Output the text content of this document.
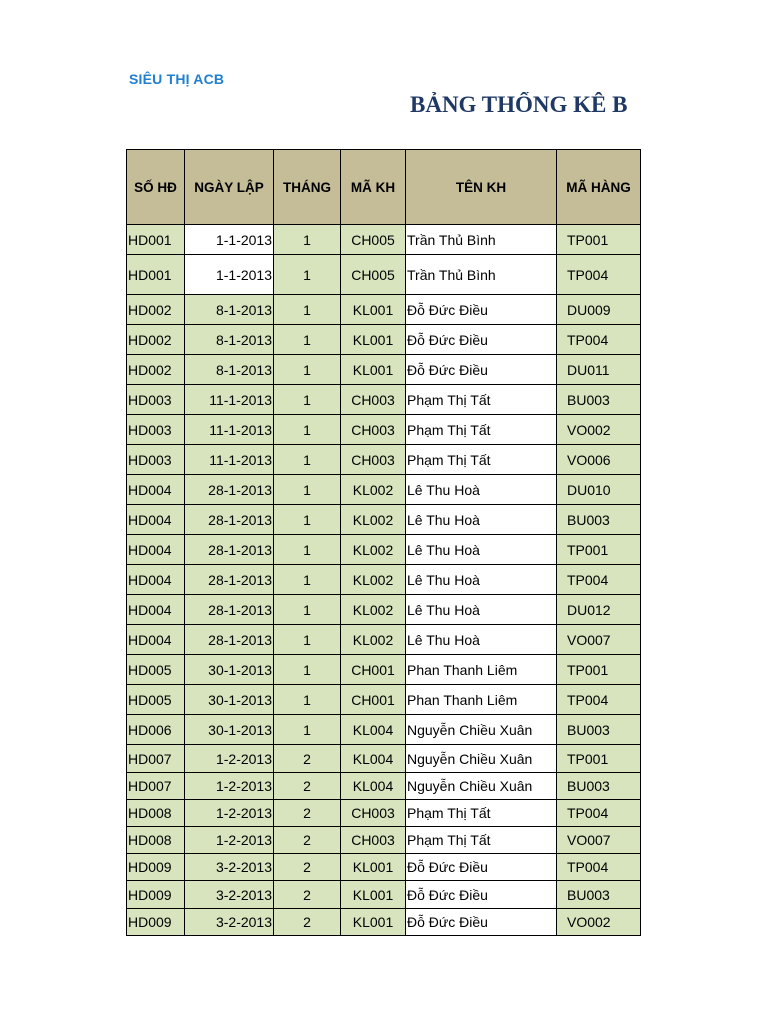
SIÊU THỊ ACB
BẢNG THỐNG KÊ B
SỐ HĐ	NGÀY LẬP	THÁNG	MÃ KH	TÊN KH	MÃ HÀNG
HD001	1-1-2013	1	CH005	Trần Thủ Bình	TP001
HD001	1-1-2013	1	CH005	Trần Thủ Bình	TP004
HD002	8-1-2013	1	KL001	Đỗ Đức Điều	DU009
HD002	8-1-2013	1	KL001	Đỗ Đức Điều	TP004
HD002	8-1-2013	1	KL001	Đỗ Đức Điều	DU011
HD003	11-1-2013	1	CH003	Phạm Thị Tất	BU003
HD003	11-1-2013	1	CH003	Phạm Thị Tất	VO002
HD003	11-1-2013	1	CH003	Phạm Thị Tất	VO006
HD004	28-1-2013	1	KL002	Lê Thu Hoà	DU010
HD004	28-1-2013	1	KL002	Lê Thu Hoà	BU003
HD004	28-1-2013	1	KL002	Lê Thu Hoà	TP001
HD004	28-1-2013	1	KL002	Lê Thu Hoà	TP004
HD004	28-1-2013	1	KL002	Lê Thu Hoà	DU012
HD004	28-1-2013	1	KL002	Lê Thu Hoà	VO007
HD005	30-1-2013	1	CH001	Phan Thanh Liêm	TP001
HD005	30-1-2013	1	CH001	Phan Thanh Liêm	TP004
HD006	30-1-2013	1	KL004	Nguyễn Chiều Xuân	BU003
HD007	1-2-2013	2	KL004	Nguyễn Chiều Xuân	TP001
HD007	1-2-2013	2	KL004	Nguyễn Chiều Xuân	BU003
HD008	1-2-2013	2	CH003	Phạm Thị Tất	TP004
HD008	1-2-2013	2	CH003	Phạm Thị Tất	VO007
HD009	3-2-2013	2	KL001	Đỗ Đức Điều	TP004
HD009	3-2-2013	2	KL001	Đỗ Đức Điều	BU003
HD009	3-2-2013	2	KL001	Đỗ Đức Điều	VO002
